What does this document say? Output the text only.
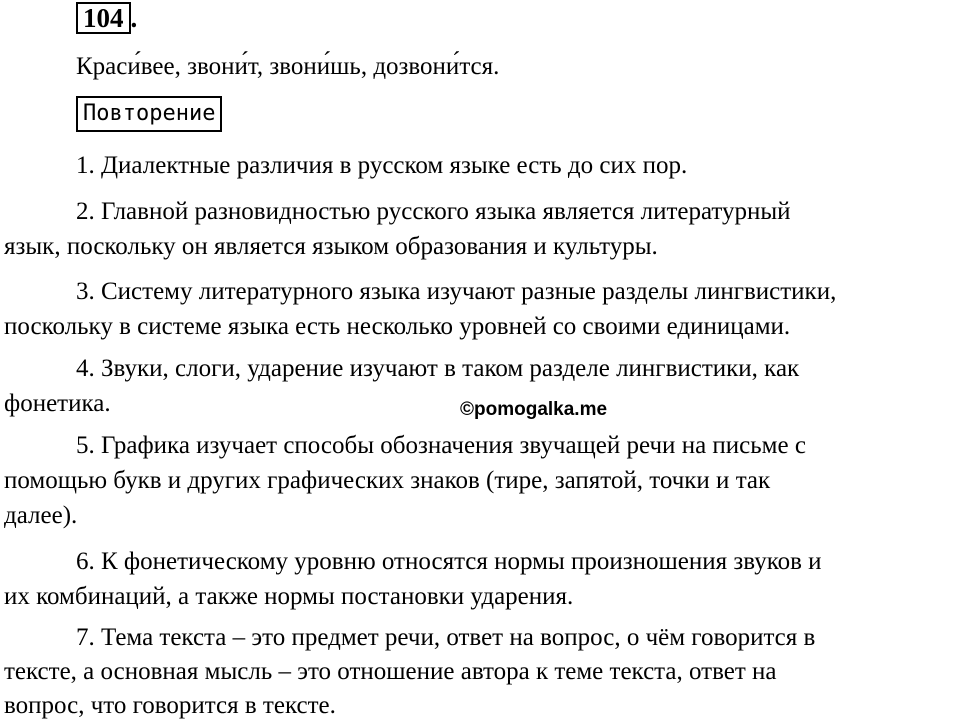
104 .
Краси́вее, звони́т, звони́шь, дозвони́тся.
Повторение
1. Диалектные различия в русском языке есть до сих пор.
2. Главной разновидностью русского языка является литературный
язык, поскольку он является языком образования и культуры.
3. Систему литературного языка изучают разные разделы лингвистики,
поскольку в системе языка есть несколько уровней со своими единицами.
4. Звуки, слоги, ударение изучают в таком разделе лингвистики, как
фонетика.	©pomogalka.me
5. Графика изучает способы обозначения звучащей речи на письме с
помощью букв и других графических знаков (тире, запятой, точки и так
далее).
6. К фонетическому уровню относятся нормы произношения звуков и
их комбинаций, а также нормы постановки ударения.
7. Тема текста – это предмет речи, ответ на вопрос, о чём говорится в
тексте, а основная мысль – это отношение автора к теме текста, ответ на
вопрос, что говорится в тексте.
